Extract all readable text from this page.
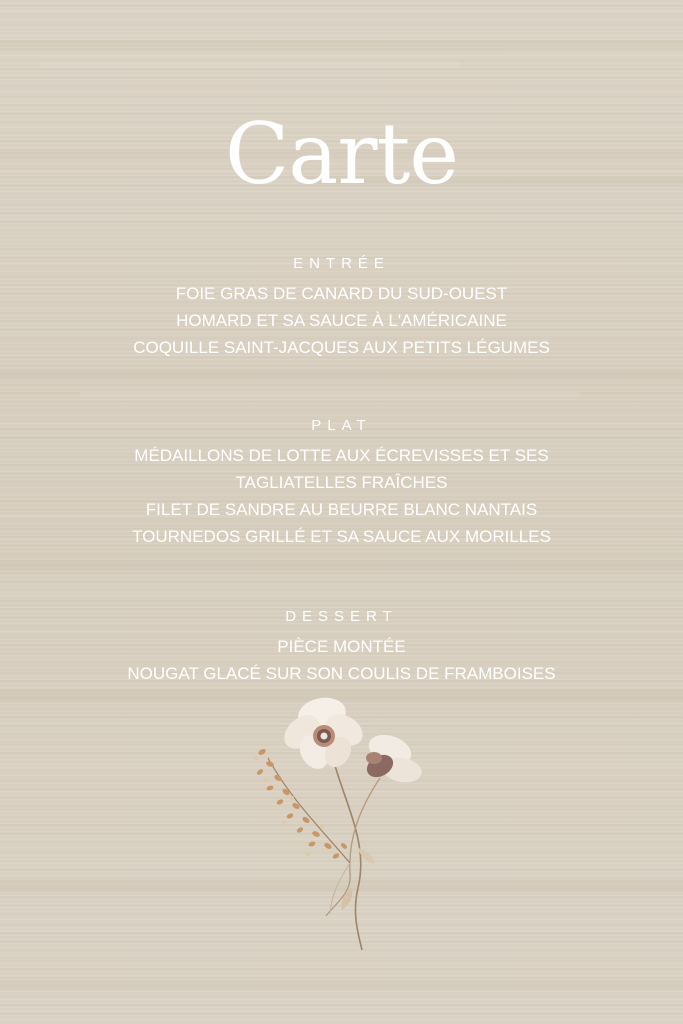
Carte

ENTRÉE

FOIE GRAS DE CANARD DU SUD-OUEST

HOMARD ET SA SAUCE À L'AMÉRICAINE

COQUILLE SAINT-JACQUES AUX PETITS LÉGUMES

PLAT

MÉDAILLONS DE LOTTE AUX ÉCREVISSES ET SES

TAGLIATELLES FRAÎCHES

FILET DE SANDRE AU BEURRE BLANC NANTAIS

TOURNEDOS GRILLÉ ET SA SAUCE AUX MORILLES

DESSERT

PIÈCE MONTÉE

NOUGAT GLACÉ SUR SON COULIS DE FRAMBOISES
